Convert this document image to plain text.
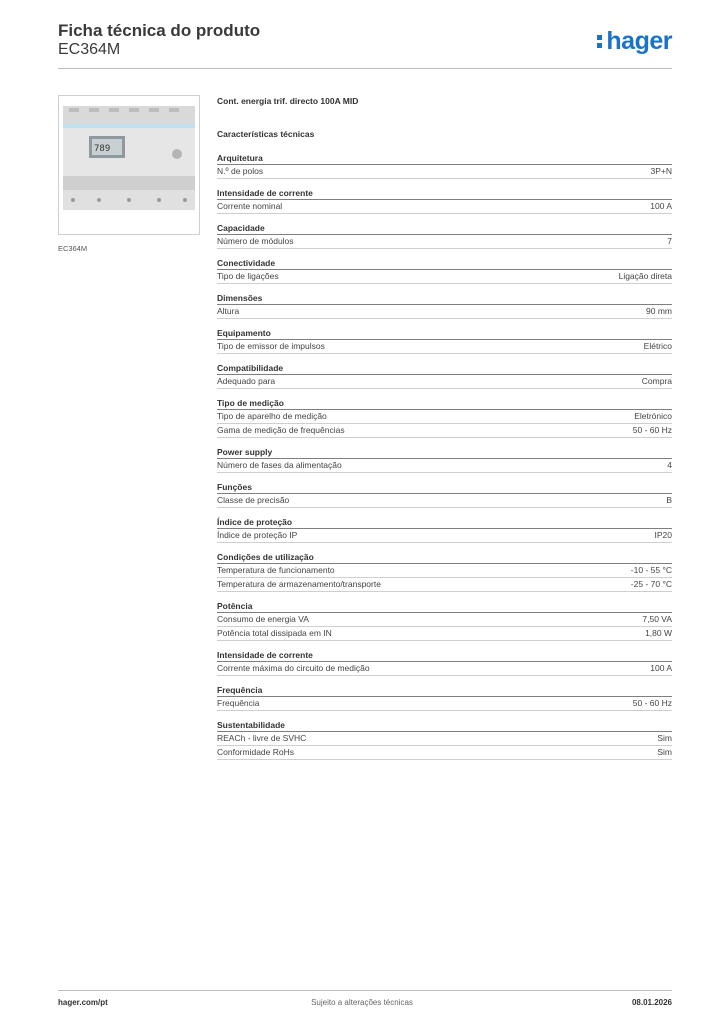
Ficha técnica do produto
EC364M	hager
789
EC364M
Cont. energia trif. directo 100A MID
Características técnicas
Arquitetura
N.º de polos	3P+N
Intensidade de corrente
Corrente nominal	100 A
Capacidade
Número de módulos	7
Conectividade
Tipo de ligações	Ligação direta
Dimensões
Altura	90 mm
Equipamento
Tipo de emissor de impulsos	Elétrico
Compatibilidade
Adequado para	Compra
Tipo de medição
Tipo de aparelho de medição	Eletrónico
Gama de medição de frequências	50 - 60 Hz
Power supply
Número de fases da alimentação	4
Funções
Classe de precisão	B
Índice de proteção
Índice de proteção IP	IP20
Condições de utilização
Temperatura de funcionamento	-10 - 55 °C
Temperatura de armazenamento/transporte	-25 - 70 °C
Potência
Consumo de energia VA	7,50 VA
Potência total dissipada em IN	1,80 W
Intensidade de corrente
Corrente máxima do circuito de medição	100 A
Frequência
Frequência	50 - 60 Hz
Sustentabilidade
REACh - livre de SVHC	Sim
Conformidade RoHs	Sim
Sujeito a alterações técnicas
hager.com/pt	08.01.2026
